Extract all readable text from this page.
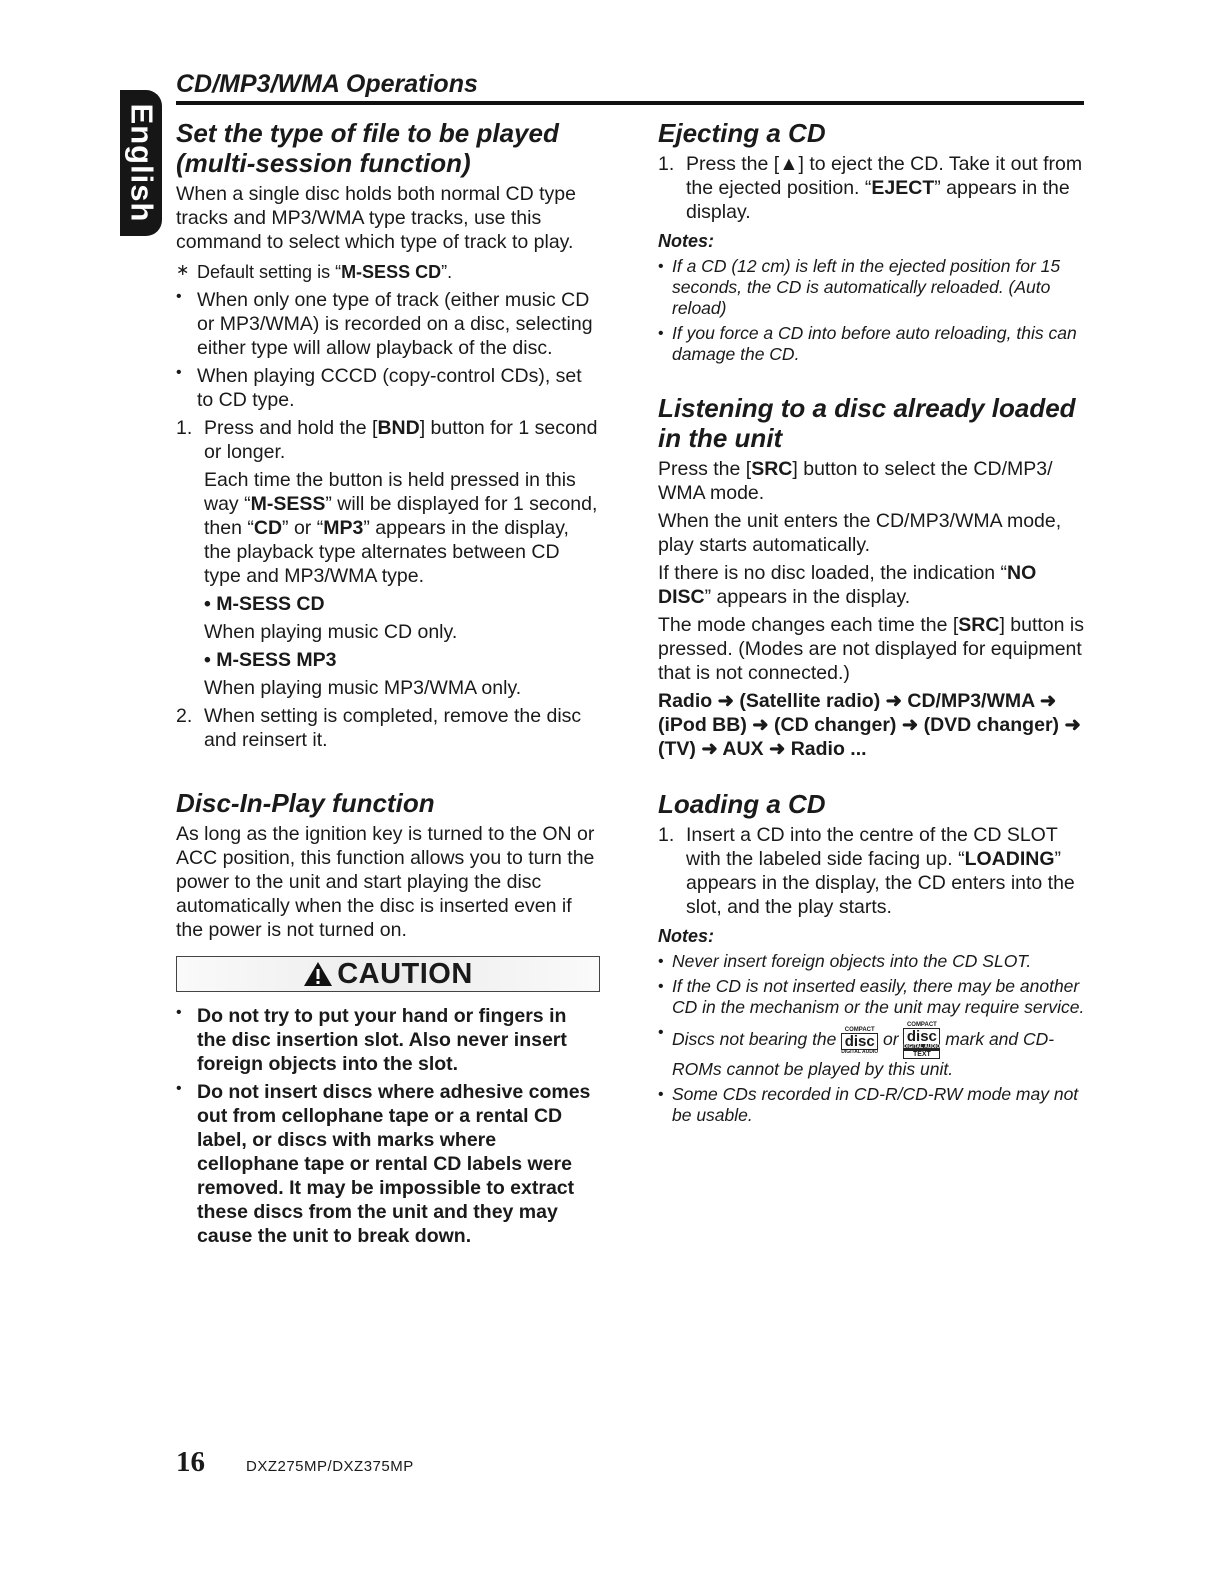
English
CD/MP3/WMA Operations
Set the type of file to be played
(multi-session function)

When a single disc holds both normal CD type tracks and MP3/WMA type tracks, use this command to select which type of track to play.

∗ Default setting is “M-SESS CD”.

• When only one type of track (either music CD or MP3/WMA) is recorded on a disc, selecting either type will allow playback of the disc.

• When playing CCCD (copy-control CDs), set to CD type.

1. Press and hold the [BND] button for 1 second or longer.

Each time the button is held pressed in this way “M-SESS” will be displayed for 1 second, then “CD” or “MP3” appears in the display, the playback type alternates between CD type and MP3/WMA type.

• M-SESS CD

When playing music CD only.

• M-SESS MP3

When playing music MP3/WMA only.

2. When setting is completed, remove the disc and reinsert it.

Disc-In-Play function

As long as the ignition key is turned to the ON or ACC position, this function allows you to turn the power to the unit and start playing the disc automatically when the disc is inserted even if the power is not turned on.

CAUTION
• Do not try to put your hand or fingers in the disc insertion slot. Also never insert foreign objects into the slot.

• Do not insert discs where adhesive comes out from cellophane tape or a rental CD label, or discs with marks where cellophane tape or rental CD labels were removed. It may be impossible to extract these discs from the unit and they may cause the unit to break down.

Ejecting a CD
1. Press the [▲] to eject the CD. Take it out from the ejected position. “EJECT” appears in the display.

Notes:
• If a CD (12 cm) is left in the ejected position for 15 seconds, the CD is automatically reloaded. (Auto reload)

• If you force a CD into before auto reloading, this can damage the CD.

Listening to a disc already loaded
in the unit

Press the [SRC] button to select the CD/MP3/ WMA mode.

When the unit enters the CD/MP3/WMA mode, play starts automatically.

If there is no disc loaded, the indication “NO DISC” appears in the display.

The mode changes each time the [SRC] button is pressed. (Modes are not displayed for equipment that is not connected.)

Radio ➜ (Satellite radio) ➜ CD/MP3/WMA ➜ (iPod BB) ➜ (CD changer) ➜ (DVD changer) ➜ (TV) ➜ AUX ➜ Radio ...

Loading a CD
1. Insert a CD into the centre of the CD SLOT with the labeled side facing up. “LOADING” appears in the display, the CD enters into the slot, and the play starts.

Notes:
• Never insert foreign objects into the CD SLOT.

• If the CD is not inserted easily, there may be another CD in the mechanism or the unit may require service.

• Discs not bearing the	COMPACT
disc
DIGITAL AUDIO
or
COMPACT
disc
DIGITAL AUDIO
TEXT
mark and CD-ROMs cannot be played by this unit.

• Some CDs recorded in CD-R/CD-RW mode may not be usable.

16	DXZ275MP/DXZ375MP
